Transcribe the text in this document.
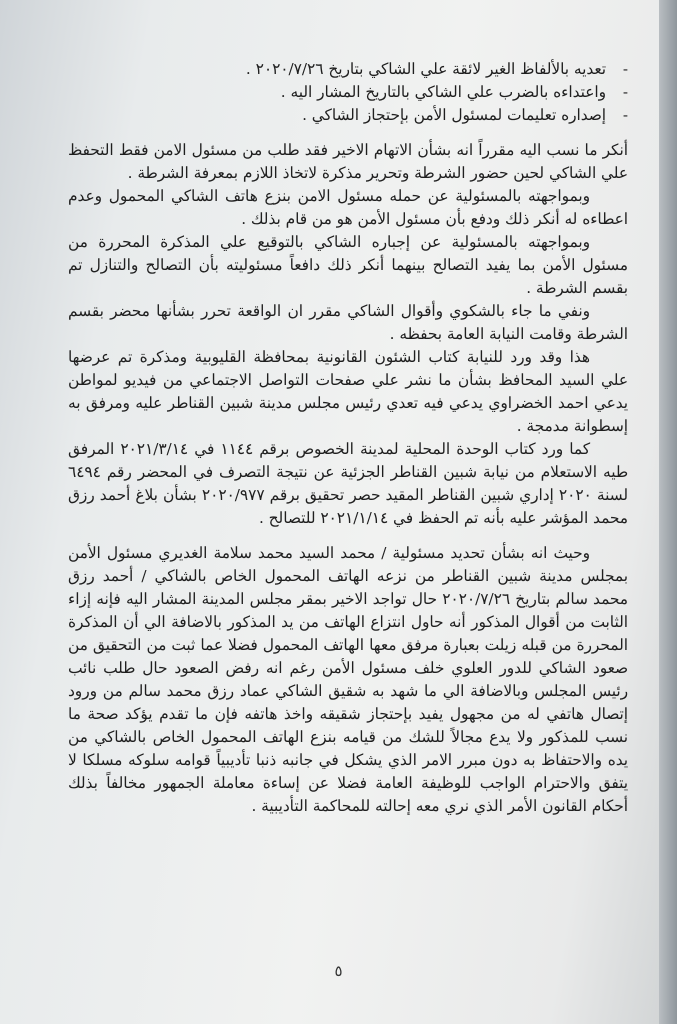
-
تعديه بالألفاظ الغير لائقة علي الشاكي بتاريخ ٢٠٢٠/٧/٢٦ .
-
واعتداءه بالضرب علي الشاكي بالتاريخ المشار اليه .
-
إصداره تعليمات لمسئول الأمن بإحتجاز الشاكي .

أنكر ما نسب اليه مقرراً انه بشأن الاتهام الاخير فقد طلب من مسئول الامن فقط التحفظ علي الشاكي لحين حضور الشرطة وتحرير مذكرة لاتخاذ اللازم بمعرفة الشرطة .

وبمواجهته بالمسئولية عن حمله مسئول الامن بنزع هاتف الشاكي المحمول وعدم اعطاءه له أنكر ذلك ودفع بأن مسئول الأمن هو من قام بذلك .

وبمواجهته بالمسئولية عن إجباره الشاكي بالتوقيع علي المذكرة المحررة من مسئول الأمن بما يفيد التصالح بينهما أنكر ذلك دافعاً مسئوليته بأن التصالح والتنازل تم بقسم الشرطة .

ونفي ما جاء بالشكوي وأقوال الشاكي مقرر ان الواقعة تحرر بشأنها محضر بقسم الشرطة وقامت النيابة العامة بحفظه .

هذا وقد ورد للنيابة كتاب الشئون القانونية بمحافظة القليوبية ومذكرة تم عرضها علي السيد المحافظ بشأن ما نشر علي صفحات التواصل الاجتماعي من فيديو لمواطن يدعي احمد الخضراوي يدعي فيه تعدي رئيس مجلس مدينة شبين القناطر عليه ومرفق به إسطوانة مدمجة .

كما ورد كتاب الوحدة المحلية لمدينة الخصوص برقم ١١٤٤ في ٢٠٢١/٣/١٤ المرفق طيه الاستعلام من نيابة شبين القناطر الجزئية عن نتيجة التصرف في المحضر رقم ٦٤٩٤ لسنة ٢٠٢٠ إداري شبين القناطر المقيد حصر تحقيق برقم ٢٠٢٠/٩٧٧ بشأن بلاغ أحمد رزق محمد المؤشر عليه بأنه تم الحفظ في ٢٠٢١/١/١٤ للتصالح .

وحيث انه بشأن تحديد مسئولية / محمد السيد محمد سلامة الغديري مسئول الأمن بمجلس مدينة شبين القناطر من نزعه الهاتف المحمول الخاص بالشاكي / أحمد رزق محمد سالم بتاريخ ٢٠٢٠/٧/٢٦ حال تواجد الاخير بمقر مجلس المدينة المشار اليه فإنه إزاء الثابت من أقوال المذكور أنه حاول انتزاع الهاتف من يد المذكور بالاضافة الي أن المذكرة المحررة من قبله زيلت بعبارة مرفق معها الهاتف المحمول فضلا عما ثبت من التحقيق من صعود الشاكي للدور العلوي خلف مسئول الأمن رغم انه رفض الصعود حال طلب نائب رئيس المجلس وبالاضافة الي ما شهد به شقيق الشاكي عماد رزق محمد سالم من ورود إتصال هاتفي له من مجهول يفيد بإحتجاز شقيقه واخذ هاتفه فإن ما تقدم يؤكد صحة ما نسب للمذكور ولا يدع مجالاً للشك من قيامه بنزع الهاتف المحمول الخاص بالشاكي من يده والاحتفاظ به دون مبرر الامر الذي يشكل في جانبه ذنبا تأديبياً قوامه سلوكه مسلكا لا يتفق والاحترام الواجب للوظيفة العامة فضلا عن إساءة معاملة الجمهور مخالفاً بذلك أحكام القانون الأمر الذي نري معه إحالته للمحاكمة التأديبية .

٥
